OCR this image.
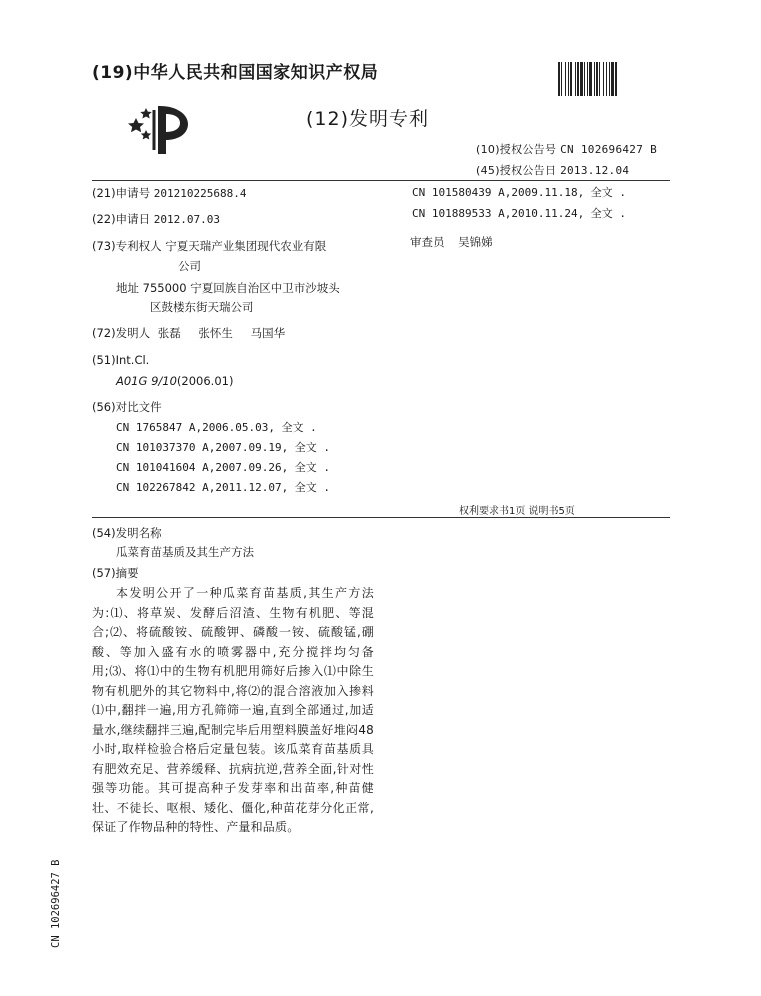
(19)中华人民共和国国家知识产权局
(12)发明专利
(10)授权公告号 CN 102696427 B
(45)授权公告日 2013.12.04
(21)申请号 201210225688.4
(22)申请日 2012.07.03
(73)专利权人 宁夏天瑞产业集团现代农业有限
公司
地址 755000 宁夏回族自治区中卫市沙坡头
区鼓楼东街天瑞公司
(72)发明人 张磊 张怀生 马国华
(51)Int.Cl.
A01G 9/10(2006.01)
(56)对比文件
CN 1765847 A,2006.05.03, 全文 .
CN 101037370 A,2007.09.19, 全文 .
CN 101041604 A,2007.09.26, 全文 .
CN 102267842 A,2011.12.07, 全文 .
CN 101580439 A,2009.11.18, 全文 .
CN 101889533 A,2010.11.24, 全文 .
审查员 吴锦娣
权利要求书1页 说明书5页
(54)发明名称
瓜菜育苗基质及其生产方法
(57)摘要
本发明公开了一种瓜菜育苗基质,其生产方法为:⑴、将草炭、发酵后沼渣、生物有机肥、等混合;⑵、将硫酸铵、硫酸钾、磷酸一铵、硫酸锰,硼酸、等加入盛有水的喷雾器中,充分搅拌均匀备用;⑶、将⑴中的生物有机肥用筛好后掺入⑴中除生物有机肥外的其它物料中,将⑵的混合溶液加入掺料⑴中,翻拌一遍,用方孔筛筛一遍,直到全部通过,加适量水,继续翻拌三遍,配制完毕后用塑料膜盖好堆闷48小时,取样检验合格后定量包装。该瓜菜育苗基质具有肥效充足、营养缓释、抗病抗逆,营养全面,针对性强等功能。其可提高种子发芽率和出苗率,种苗健壮、不徒长、呕根、矮化、僵化,种苗花芽分化正常,保证了作物品种的特性、产量和品质。
CN 102696427 B
